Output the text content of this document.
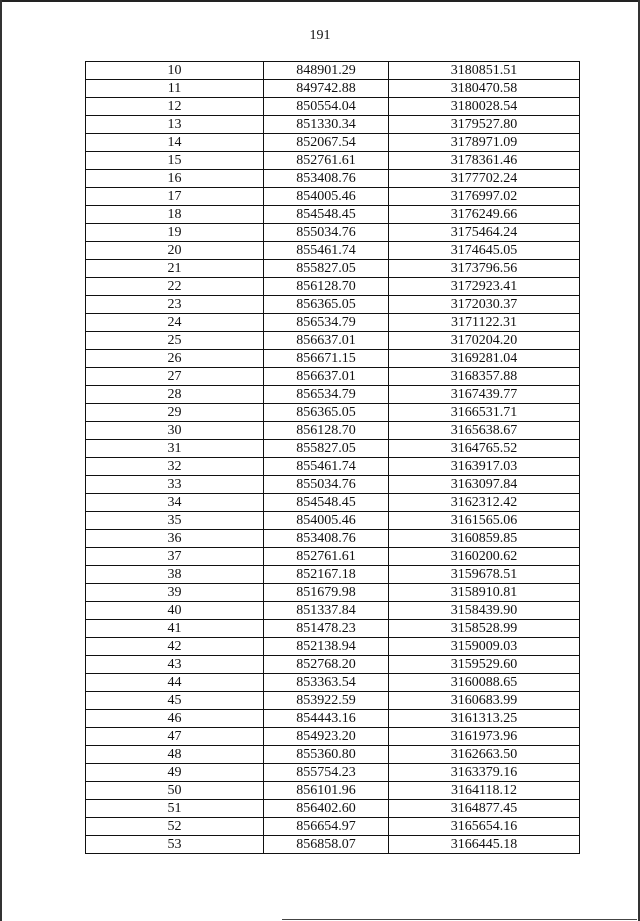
191
10	848901.29	3180851.51
11	849742.88	3180470.58
12	850554.04	3180028.54
13	851330.34	3179527.80
14	852067.54	3178971.09
15	852761.61	3178361.46
16	853408.76	3177702.24
17	854005.46	3176997.02
18	854548.45	3176249.66
19	855034.76	3175464.24
20	855461.74	3174645.05
21	855827.05	3173796.56
22	856128.70	3172923.41
23	856365.05	3172030.37
24	856534.79	3171122.31
25	856637.01	3170204.20
26	856671.15	3169281.04
27	856637.01	3168357.88
28	856534.79	3167439.77
29	856365.05	3166531.71
30	856128.70	3165638.67
31	855827.05	3164765.52
32	855461.74	3163917.03
33	855034.76	3163097.84
34	854548.45	3162312.42
35	854005.46	3161565.06
36	853408.76	3160859.85
37	852761.61	3160200.62
38	852167.18	3159678.51
39	851679.98	3158910.81
40	851337.84	3158439.90
41	851478.23	3158528.99
42	852138.94	3159009.03
43	852768.20	3159529.60
44	853363.54	3160088.65
45	853922.59	3160683.99
46	854443.16	3161313.25
47	854923.20	3161973.96
48	855360.80	3162663.50
49	855754.23	3163379.16
50	856101.96	3164118.12
51	856402.60	3164877.45
52	856654.97	3165654.16
53	856858.07	3166445.18
